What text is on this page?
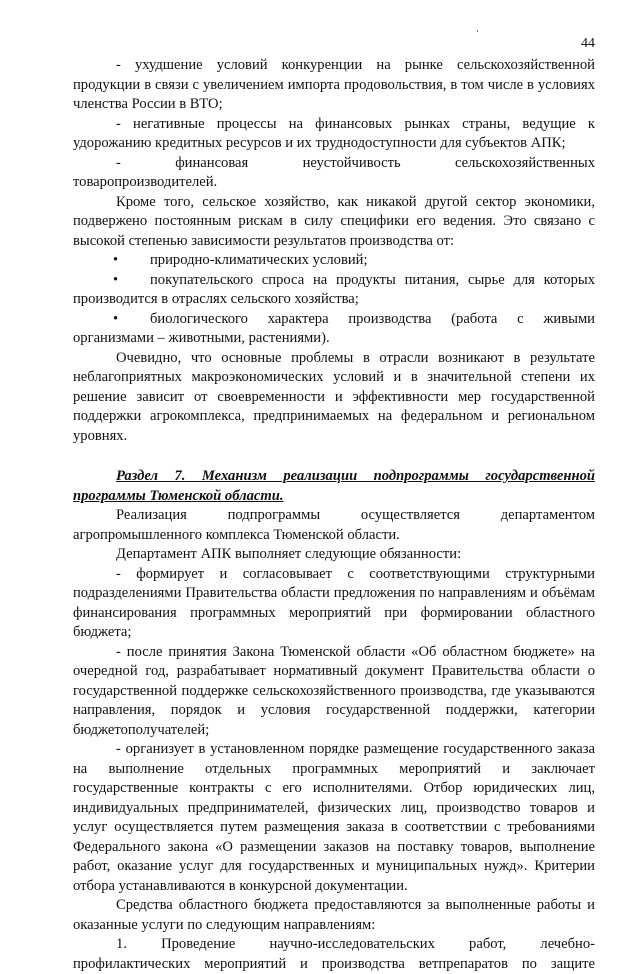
44

- ухудшение условий конкуренции на рынке сельскохозяйственной продукции в связи с увеличением импорта продовольствия, в том числе в условиях членства России в ВТО;

- негативные процессы на финансовых рынках страны, ведущие к удорожанию кредитных ресурсов и их труднодоступности для субъектов АПК;

-	финансовая	неустойчивость	сельскохозяйственных

товаропроизводителей.

Кроме того, сельское хозяйство, как никакой другой сектор экономики, подвержено постоянным рискам в силу специфики его ведения. Это связано с высокой степенью зависимости результатов производства от:

•	природно-климатических условий;

•	покупательского спроса на продукты питания, сырье для которых производится в отраслях сельского хозяйства;

•	биологического характера производства (работа с живыми организмами – животными, растениями).

Очевидно, что основные проблемы в отрасли возникают в результате неблагоприятных макроэкономических условий и в значительной степени их решение зависит от своевременности и эффективности мер государственной поддержки агрокомплекса, предпринимаемых на федеральном и региональном уровнях.

Раздел 7. Механизм реализации подпрограммы государственной программы Тюменской области.

Реализация	подпрограммы	осуществляется	департаментом

агропромышленного комплекса Тюменской области.

Департамент АПК выполняет следующие обязанности:

- формирует и согласовывает с соответствующими структурными подразделениями Правительства области предложения по направлениям и объёмам финансирования программных мероприятий при формировании областного бюджета;

- после принятия Закона Тюменской области «Об областном бюджете» на очередной год, разрабатывает нормативный документ Правительства области о государственной поддержке сельскохозяйственного производства, где указываются направления, порядок и условия государственной поддержки, категории бюджетополучателей;

- организует в установленном порядке размещение государственного заказа на выполнение отдельных программных мероприятий и заключает государственные контракты с его исполнителями. Отбор юридических лиц, индивидуальных предпринимателей, физических лиц, производство товаров и услуг осуществляется путем размещения заказа в соответствии с требованиями Федерального закона «О размещении заказов на поставку товаров, выполнение работ, оказание услуг для государственных и муниципальных нужд». Критерии отбора устанавливаются в конкурсной документации.

Средства областного бюджета предоставляются за выполненные работы и оказанные услуги по следующим направлениям:

1. Проведение научно-исследовательских работ, лечебно-

профилактических мероприятий и производства ветпрепаратов по защите
